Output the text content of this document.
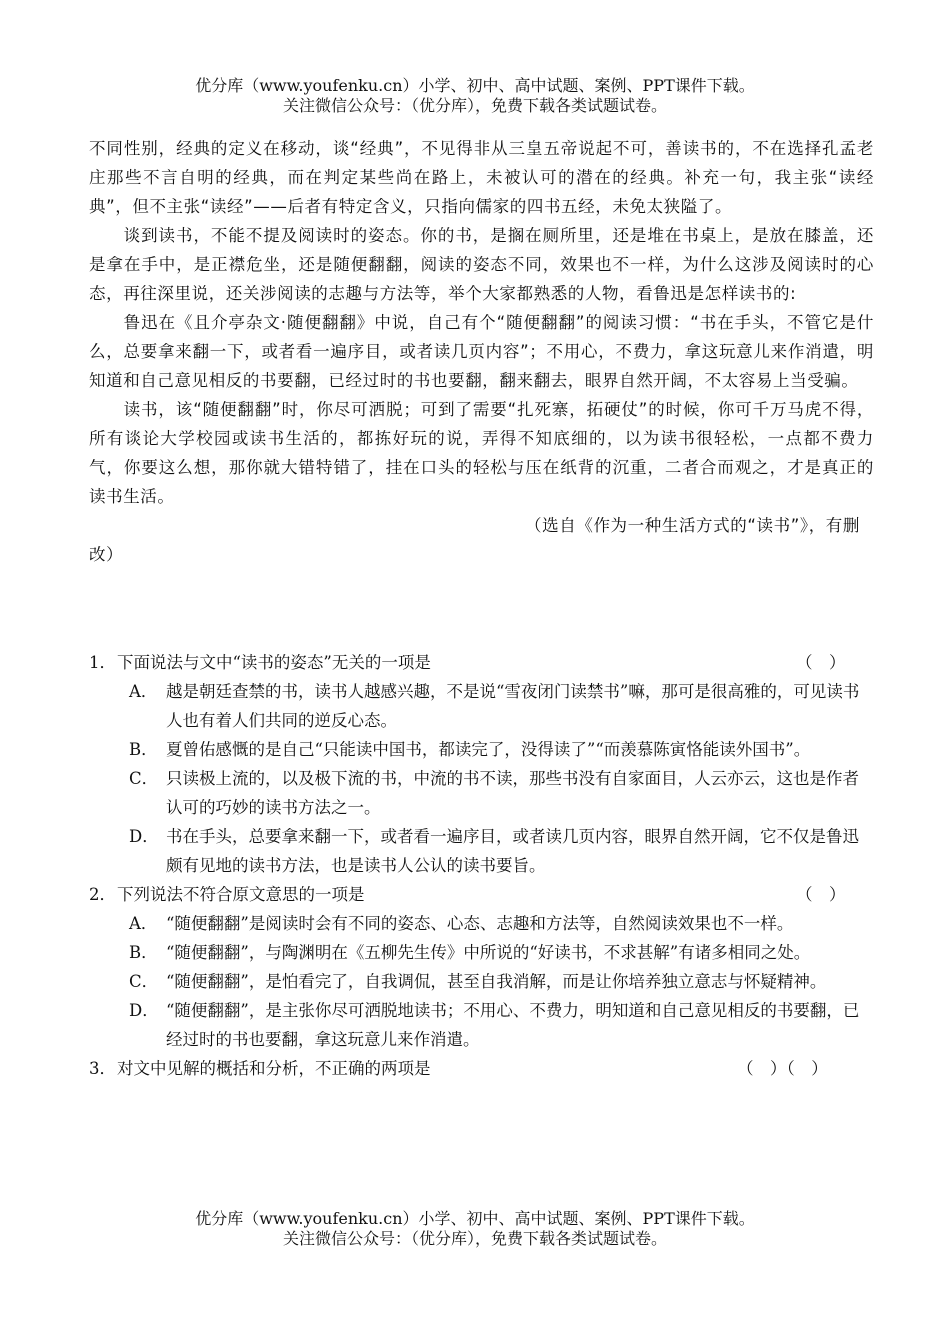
优分库（www.youfenku.cn）小学、初中、高中试题、案例、PPT课件下载。
关注微信公众号：（优分库），免费下载各类试题试卷。

不同性别，经典的定义在移动，谈“经典”，不见得非从三皇五帝说起不可，善读书的，不在选择孔孟老庄那些不言自明的经典，而在判定某些尚在路上，未被认可的潜在的经典。补充一句，我主张“读经典”，但不主张“读经”——后者有特定含义，只指向儒家的四书五经，未免太狭隘了。

谈到读书，不能不提及阅读时的姿态。你的书，是搁在厕所里，还是堆在书桌上，是放在膝盖，还是拿在手中，是正襟危坐，还是随便翻翻，阅读的姿态不同，效果也不一样，为什么这涉及阅读时的心态，再往深里说，还关涉阅读的志趣与方法等，举个大家都熟悉的人物，看鲁迅是怎样读书的:

鲁迅在《且介亭杂文·随便翻翻》中说，自己有个“随便翻翻”的阅读习惯：“书在手头，不管它是什么，总要拿来翻一下，或者看一遍序目，或者读几页内容”；不用心，不费力，拿这玩意儿来作消遣，明知道和自己意见相反的书要翻，已经过时的书也要翻，翻来翻去，眼界自然开阔，不太容易上当受骗。

读书，该“随便翻翻”时，你尽可洒脱；可到了需要“扎死寨，拓硬仗”的时候，你可千万马虎不得，所有谈论大学校园或读书生活的，都拣好玩的说，弄得不知底细的，以为读书很轻松，一点都不费力气，你要这么想，那你就大错特错了，挂在口头的轻松与压在纸背的沉重，二者合而观之，才是真正的读书生活。

（选自《作为一种生活方式的“读书”》，有删

改）

1． 下面说法与文中“读书的姿态”无关的一项是	（　）
A． 越是朝廷查禁的书，读书人越感兴趣，不是说“雪夜闭门读禁书”嘛，那可是很高雅的，可见读书人也有着人们共同的逆反心态。
B． 夏曾佑感慨的是自己“只能读中国书，都读完了，没得读了”“而羡慕陈寅恪能读外国书”。
C． 只读极上流的，以及极下流的书，中流的书不读，那些书没有自家面目，人云亦云，这也是作者认可的巧妙的读书方法之一。
D． 书在手头，总要拿来翻一下，或者看一遍序目，或者读几页内容，眼界自然开阔，它不仅是鲁迅颇有见地的读书方法，也是读书人公认的读书要旨。
2． 下列说法不符合原文意思的一项是	（　）
A． “随便翻翻”是阅读时会有不同的姿态、心态、志趣和方法等，自然阅读效果也不一样。
B． “随便翻翻”，与陶渊明在《五柳先生传》中所说的“好读书，不求甚解”有诸多相同之处。
C． “随便翻翻”，是怕看完了，自我调侃，甚至自我消解，而是让你培养独立意志与怀疑精神。
D． “随便翻翻”，是主张你尽可洒脱地读书；不用心、不费力，明知道和自己意见相反的书要翻，已经过时的书也要翻，拿这玩意儿来作消遣。
3． 对文中见解的概括和分析，不正确的两项是	（　）（　）
优分库（www.youfenku.cn）小学、初中、高中试题、案例、PPT课件下载。
关注微信公众号：（优分库），免费下载各类试题试卷。
